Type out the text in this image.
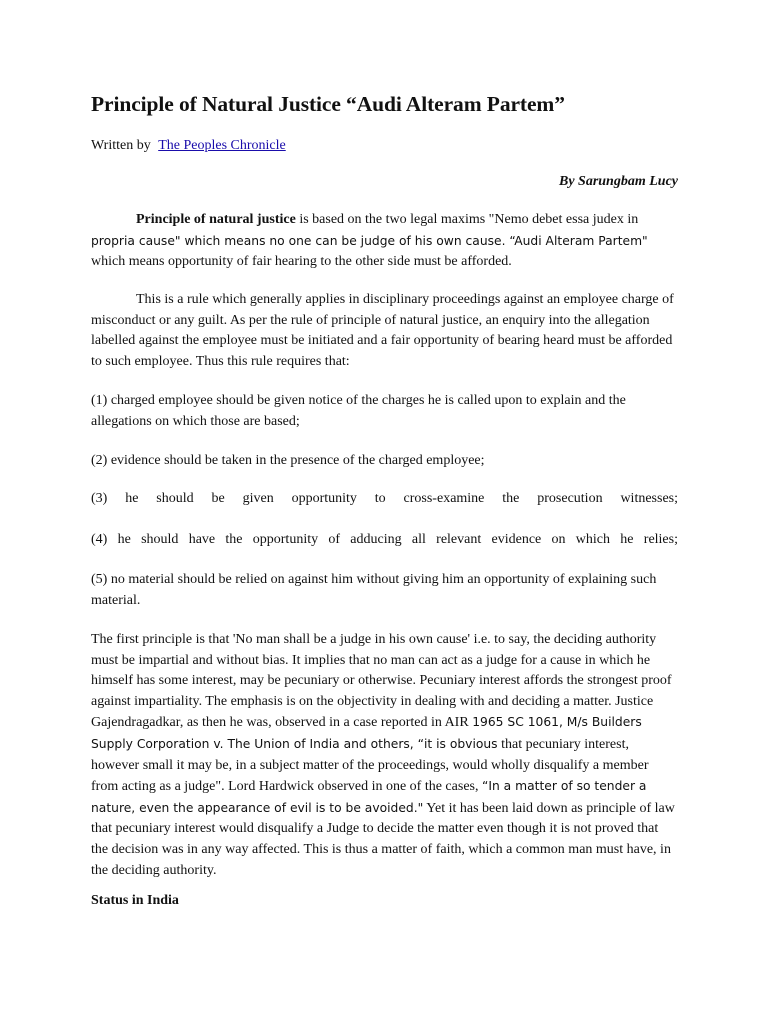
Principle of Natural Justice “Audi Alteram Partem”
Written by The Peoples Chronicle
By Sarungbam Lucy

Principle of natural justice is based on the two legal maxims "Nemo debet essa judex in propria cause" which means no one can be judge of his own cause. “Audi Alteram Partem" which means opportunity of fair hearing to the other side must be afforded.

This is a rule which generally applies in disciplinary proceedings against an employee charge of misconduct or any guilt. As per the rule of principle of natural justice, an enquiry into the allegation labelled against the employee must be initiated and a fair opportunity of bearing heard must be afforded to such employee. Thus this rule requires that:

(1) charged employee should be given notice of the charges he is called upon to explain and the allegations on which those are based;

(2) evidence should be taken in the presence of the charged employee;

(3) he should be given opportunity to cross-examine the prosecution witnesses;

(4) he should have the opportunity of adducing all relevant evidence on which he relies;

(5) no material should be relied on against him without giving him an opportunity of explaining such material.

The first principle is that 'No man shall be a judge in his own cause' i.e. to say, the deciding authority must be impartial and without bias. It implies that no man can act as a judge for a cause in which he himself has some interest, may be pecuniary or otherwise. Pecuniary interest affords the strongest proof against impartiality. The emphasis is on the objectivity in dealing with and deciding a matter. Justice Gajendragadkar, as then he was, observed in a case reported in AIR 1965 SC 1061, M/s Builders Supply Corporation v. The Union of India and others, “it is obvious that pecuniary interest, however small it may be, in a subject matter of the proceedings, would wholly disqualify a member from acting as a judge". Lord Hardwick observed in one of the cases, “In a matter of so tender a nature, even the appearance of evil is to be avoided." Yet it has been laid down as principle of law that pecuniary interest would disqualify a Judge to decide the matter even though it is not proved that the decision was in any way affected. This is thus a matter of faith, which a common man must have, in the deciding authority.

Status in India
